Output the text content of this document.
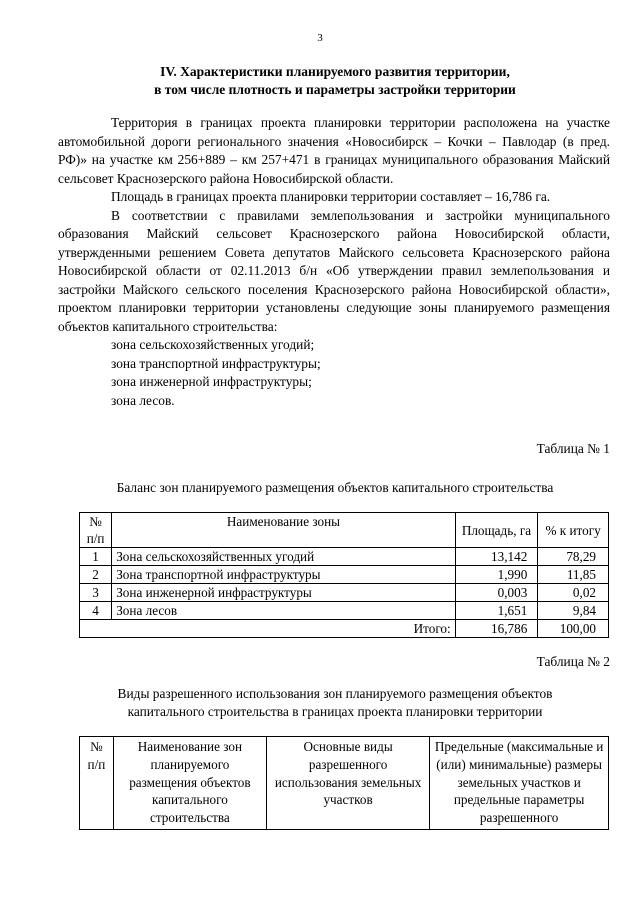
3
IV. Характеристики планируемого развития территории,
в том числе плотность и параметры застройки территории

Территория в границах проекта планировки территории расположена на участке автомобильной дороги регионального значения «Новосибирск – Кочки – Павлодар (в пред. РФ)» на участке км 256+889 – км 257+471 в границах муниципального образования Майский сельсовет Краснозерского района Новосибирской области.

Площадь в границах проекта планировки территории составляет – 16,786 га.

В соответствии с правилами землепользования и застройки муниципального образования Майский сельсовет Краснозерского района Новосибирской области, утвержденными решением Совета депутатов Майского сельсовета Краснозерского района Новосибирской области от 02.11.2013 б/н «Об утверждении правил землепользования и застройки Майского сельского поселения Краснозерского района Новосибирской области», проектом планировки территории установлены следующие зоны планируемого размещения объектов капитального строительства:

зона сельскохозяйственных угодий;
зона транспортной инфраструктуры;
зона инженерной инфраструктуры;
зона лесов.
Таблица № 1
Баланс зон планируемого размещения объектов капитального строительства
№ п/п	Наименование зоны	Площадь, га	% к итогу
1	Зона сельскохозяйственных угодий	13,142	78,29
2	Зона транспортной инфраструктуры	1,990	11,85
3	Зона инженерной инфраструктуры	0,003	0,02
4	Зона лесов	1,651	9,84
Итого:		16,786	100,00
Таблица № 2
Виды разрешенного использования зон планируемого размещения объектов
капитального строительства в границах проекта планировки территории
№ п/п	Наименование зон планируемого размещения объектов капитального строительства	Основные виды разрешенного использования земельных участков	Предельные (максимальные и (или) минимальные) размеры земельных участков и предельные параметры разрешенного
